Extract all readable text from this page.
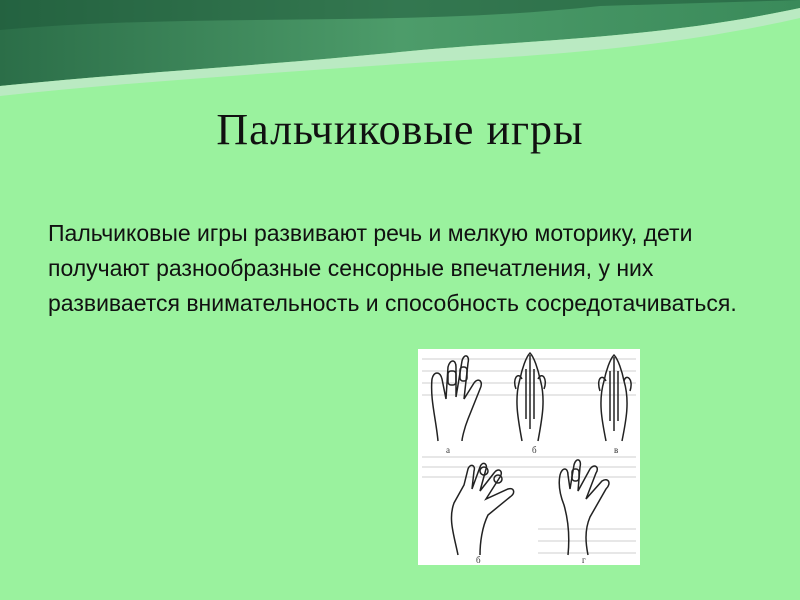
Пальчиковые игры
Пальчиковые игры развивают речь и мелкую моторику, дети получают разнообразные сенсорные впечатления, у них развивается внимательность и способность сосредотачиваться.
а	б	в
б	г
